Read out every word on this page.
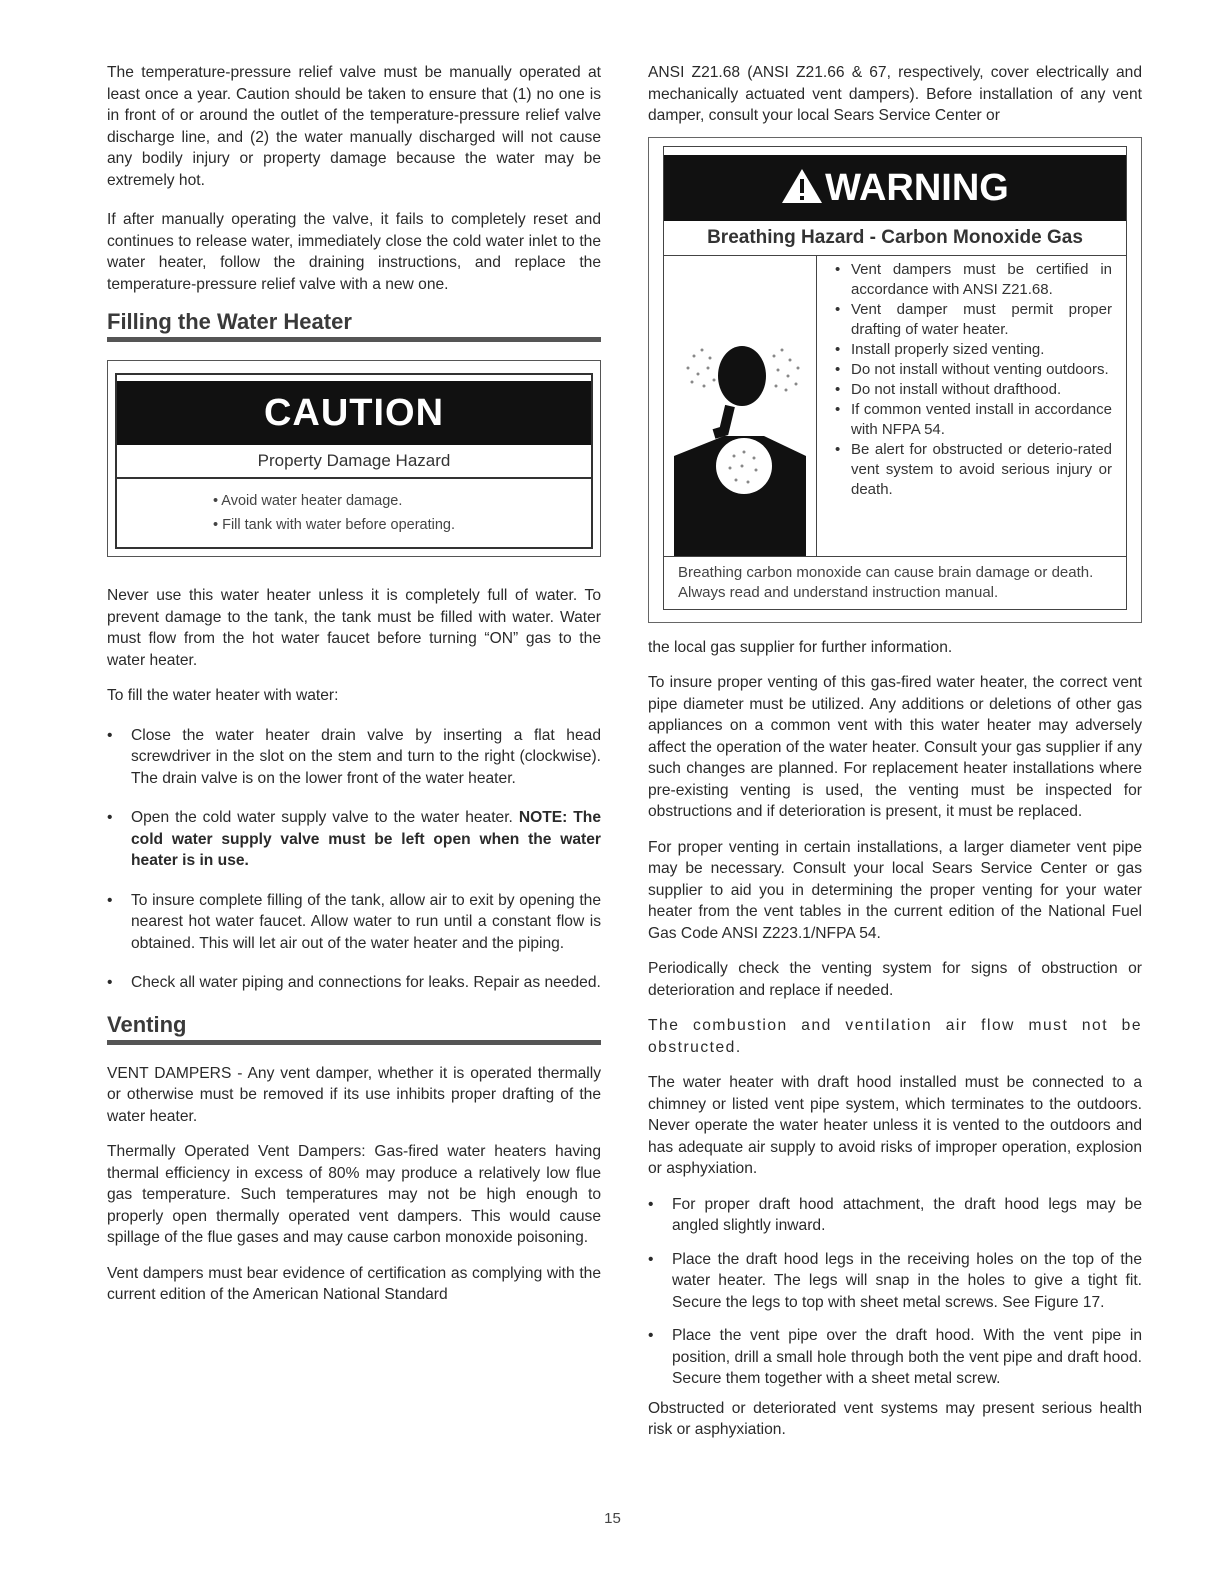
The temperature-pressure relief valve must be manually operated at least once a year. Caution should be taken to ensure that (1) no one is in front of or around the outlet of the temperature-pressure relief valve discharge line, and (2) the water manually discharged will not cause any bodily injury or property damage because the water may be extremely hot.

If after manually operating the valve, it fails to completely reset and continues to release water, immediately close the cold water inlet to the water heater, follow the draining instructions, and replace the temperature-pressure relief valve with a new one.

Filling the Water Heater
CAUTION
Property Damage Hazard
• Avoid water heater damage.
• Fill tank with water before operating.

Never use this water heater unless it is completely full of water. To prevent damage to the tank, the tank must be filled with water. Water must flow from the hot water faucet before turning “ON” gas to the water heater.

To fill the water heater with water:

• Close the water heater drain valve by inserting a flat head screwdriver in the slot on the stem and turn to the right (clockwise). The drain valve is on the lower front of the water heater.
• Open the cold water supply valve to the water heater. NOTE: The cold water supply valve must be left open when the water heater is in use.
• To insure complete filling of the tank, allow air to exit by opening the nearest hot water faucet. Allow water to run until a constant flow is obtained. This will let air out of the water heater and the piping.
• Check all water piping and connections for leaks. Repair as needed.
Venting

VENT DAMPERS - Any vent damper, whether it is operated thermally or otherwise must be removed if its use inhibits proper drafting of the water heater.

Thermally Operated Vent Dampers: Gas-fired water heaters having thermal efficiency in excess of 80% may produce a relatively low flue gas temperature. Such temperatures may not be high enough to properly open thermally operated vent dampers. This would cause spillage of the flue gases and may cause carbon monoxide poisoning.

Vent dampers must bear evidence of certification as complying with the current edition of the American National Standard

ANSI Z21.68 (ANSI Z21.66 & 67, respectively, cover electrically and mechanically actuated vent dampers). Before installation of any vent damper, consult your local Sears Service Center or

WARNING
Breathing Hazard - Carbon Monoxide Gas
• Vent dampers must be certified in accordance with ANSI Z21.68.
• Vent damper must permit proper drafting of water heater.
• Install properly sized venting.
• Do not install without venting outdoors.
• Do not install without drafthood.
• If common vented install in accordance with NFPA 54.
• Be alert for obstructed or deterio-rated vent system to avoid serious injury or death.
Breathing carbon monoxide can cause brain damage or death. Always read and understand instruction manual.

the local gas supplier for further information.

To insure proper venting of this gas-fired water heater, the correct vent pipe diameter must be utilized. Any additions or deletions of other gas appliances on a common vent with this water heater may adversely affect the operation of the water heater. Consult your gas supplier if any such changes are planned. For replacement heater installations where pre-existing venting is used, the venting must be inspected for obstructions and if deterioration is present, it must be replaced.

For proper venting in certain installations, a larger diameter vent pipe may be necessary. Consult your local Sears Service Center or gas supplier to aid you in determining the proper venting for your water heater from the vent tables in the current edition of the National Fuel Gas Code ANSI Z223.1/NFPA 54.

Periodically check the venting system for signs of obstruction or deterioration and replace if needed.

The combustion and ventilation air flow must not be obstructed.

The water heater with draft hood installed must be connected to a chimney or listed vent pipe system, which terminates to the outdoors. Never operate the water heater unless it is vented to the outdoors and has adequate air supply to avoid risks of improper operation, explosion or asphyxiation.

• For proper draft hood attachment, the draft hood legs may be angled slightly inward.
• Place the draft hood legs in the receiving holes on the top of the water heater. The legs will snap in the holes to give a tight fit. Secure the legs to top with sheet metal screws. See Figure 17.
• Place the vent pipe over the draft hood. With the vent pipe in position, drill a small hole through both the vent pipe and draft hood. Secure them together with a sheet metal screw.

Obstructed or deteriorated vent systems may present serious health risk or asphyxiation.

15
